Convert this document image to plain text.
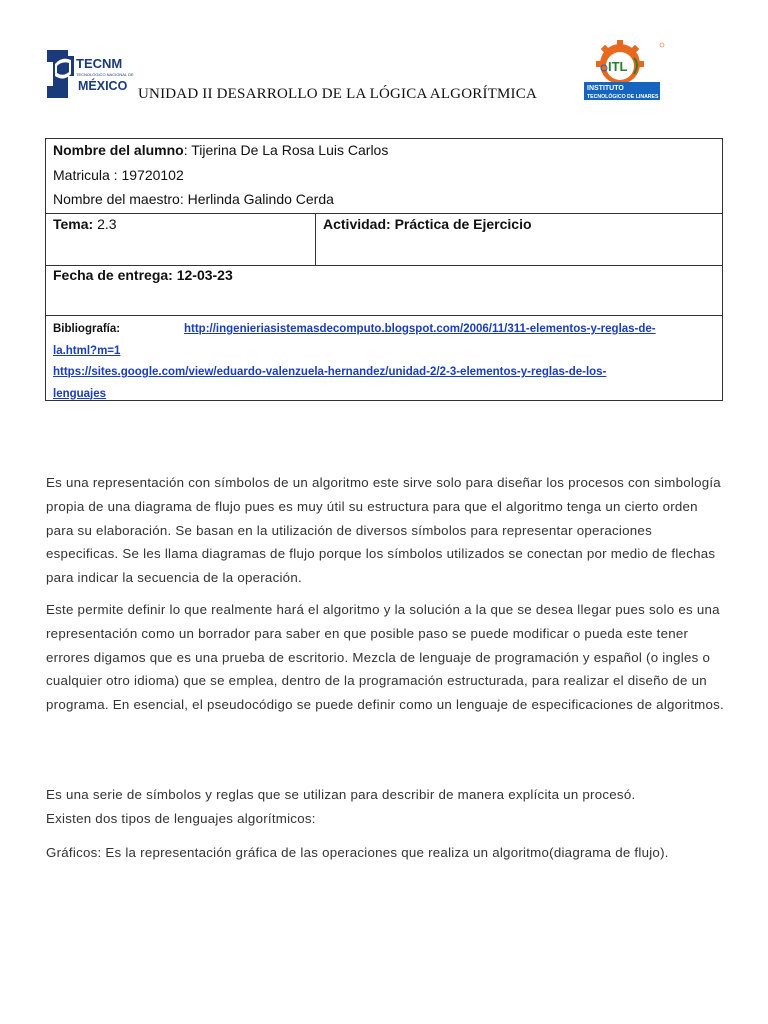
TECNM
TECNOLÓGICO NACIONAL DE
MÉXICO UNIDAD II DESARROLLO DE LA LÓGICA ALGORÍTMICA
ITL
INSTITUTO
TECNOLÓGICO DE LINARES
Nombre del alumno: Tijerina De La Rosa Luis Carlos
Matricula : 19720102
Nombre del maestro: Herlinda Galindo Cerda
Tema: 2.3	Actividad: Práctica de Ejercicio
Fecha de entrega: 12-03-23
Bibliografía:	http://ingenieriasistemasdecomputo.blogspot.com/2006/11/311-elementos-y-reglas-de-
la.html?m=1
https://sites.google.com/view/eduardo-valenzuela-hernandez/unidad-2/2-3-elementos-y-reglas-de-los-
lenguajes

Es una representación con símbolos de un algoritmo este sirve solo para diseñar los procesos con simbología propia de una diagrama de flujo pues es muy útil su estructura para que el algoritmo tenga un cierto orden para su elaboración. Se basan en la utilización de diversos símbolos para representar operaciones especificas. Se les llama diagramas de flujo porque los símbolos utilizados se conectan por medio de flechas para indicar la secuencia de la operación.

Este permite definir lo que realmente hará el algoritmo y la solución a la que se desea llegar pues solo es una representación como un borrador para saber en que posible paso se puede modificar o pueda este tener errores digamos que es una prueba de escritorio. Mezcla de lenguaje de programación y español (o ingles o cualquier otro idioma) que se emplea, dentro de la programación estructurada, para realizar el diseño de un programa. En esencial, el pseudocódigo se puede definir como un lenguaje de especificaciones de algoritmos.

Es una serie de símbolos y reglas que se utilizan para describir de manera explícita un procesó.
Existen dos tipos de lenguajes algorítmicos:

Gráficos: Es la representación gráfica de las operaciones que realiza un algoritmo(diagrama de flujo).
